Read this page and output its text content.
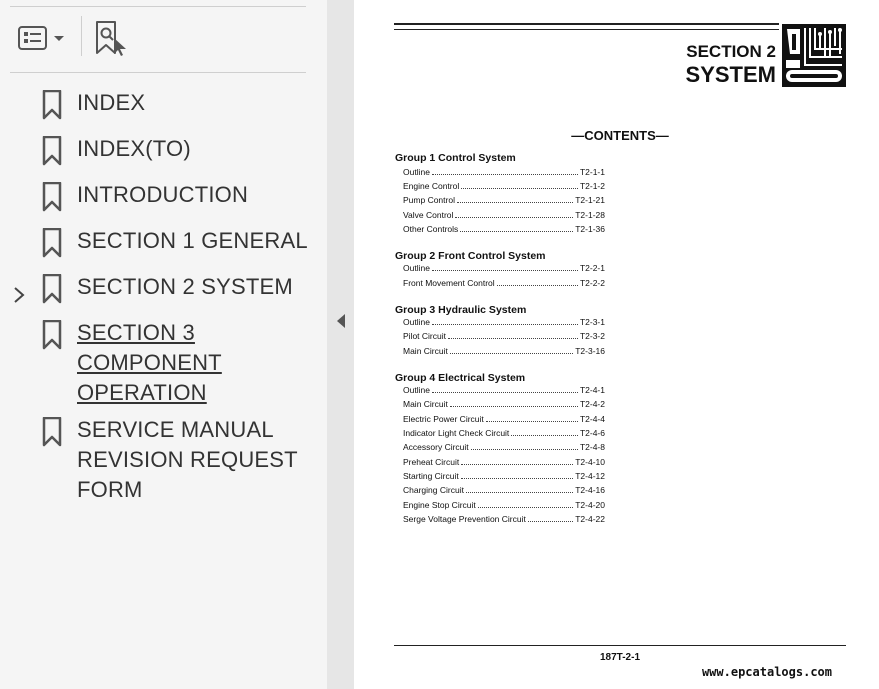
INDEX
INDEX(TO)
INTRODUCTION
SECTION 1 GENERAL
SECTION 2 SYSTEM
SECTION 3
COMPONENT
OPERATION
SERVICE MANUAL
REVISION REQUEST
FORM
SECTION 2
SYSTEM
—CONTENTS—
Group 1 Control System
Outline	T2-1-1
Engine Control	T2-1-2
Pump Control	T2-1-21
Valve Control	T2-1-28
Other Controls	T2-1-36
Group 2 Front Control System
Outline	T2-2-1
Front Movement Control	T2-2-2
Group 3 Hydraulic System
Outline	T2-3-1
Pilot Circuit	T2-3-2
Main Circuit	T2-3-16
Group 4 Electrical System
Outline	T2-4-1
Main Circuit	T2-4-2
Electric Power Circuit	T2-4-4
Indicator Light Check Circuit	T2-4-6
Accessory Circuit	T2-4-8
Preheat Circuit	T2-4-10
Starting Circuit	T2-4-12
Charging Circuit	T2-4-16
Engine Stop Circuit	T2-4-20
Serge Voltage Prevention Circuit	T2-4-22
187T-2-1
www.epcatalogs.com
